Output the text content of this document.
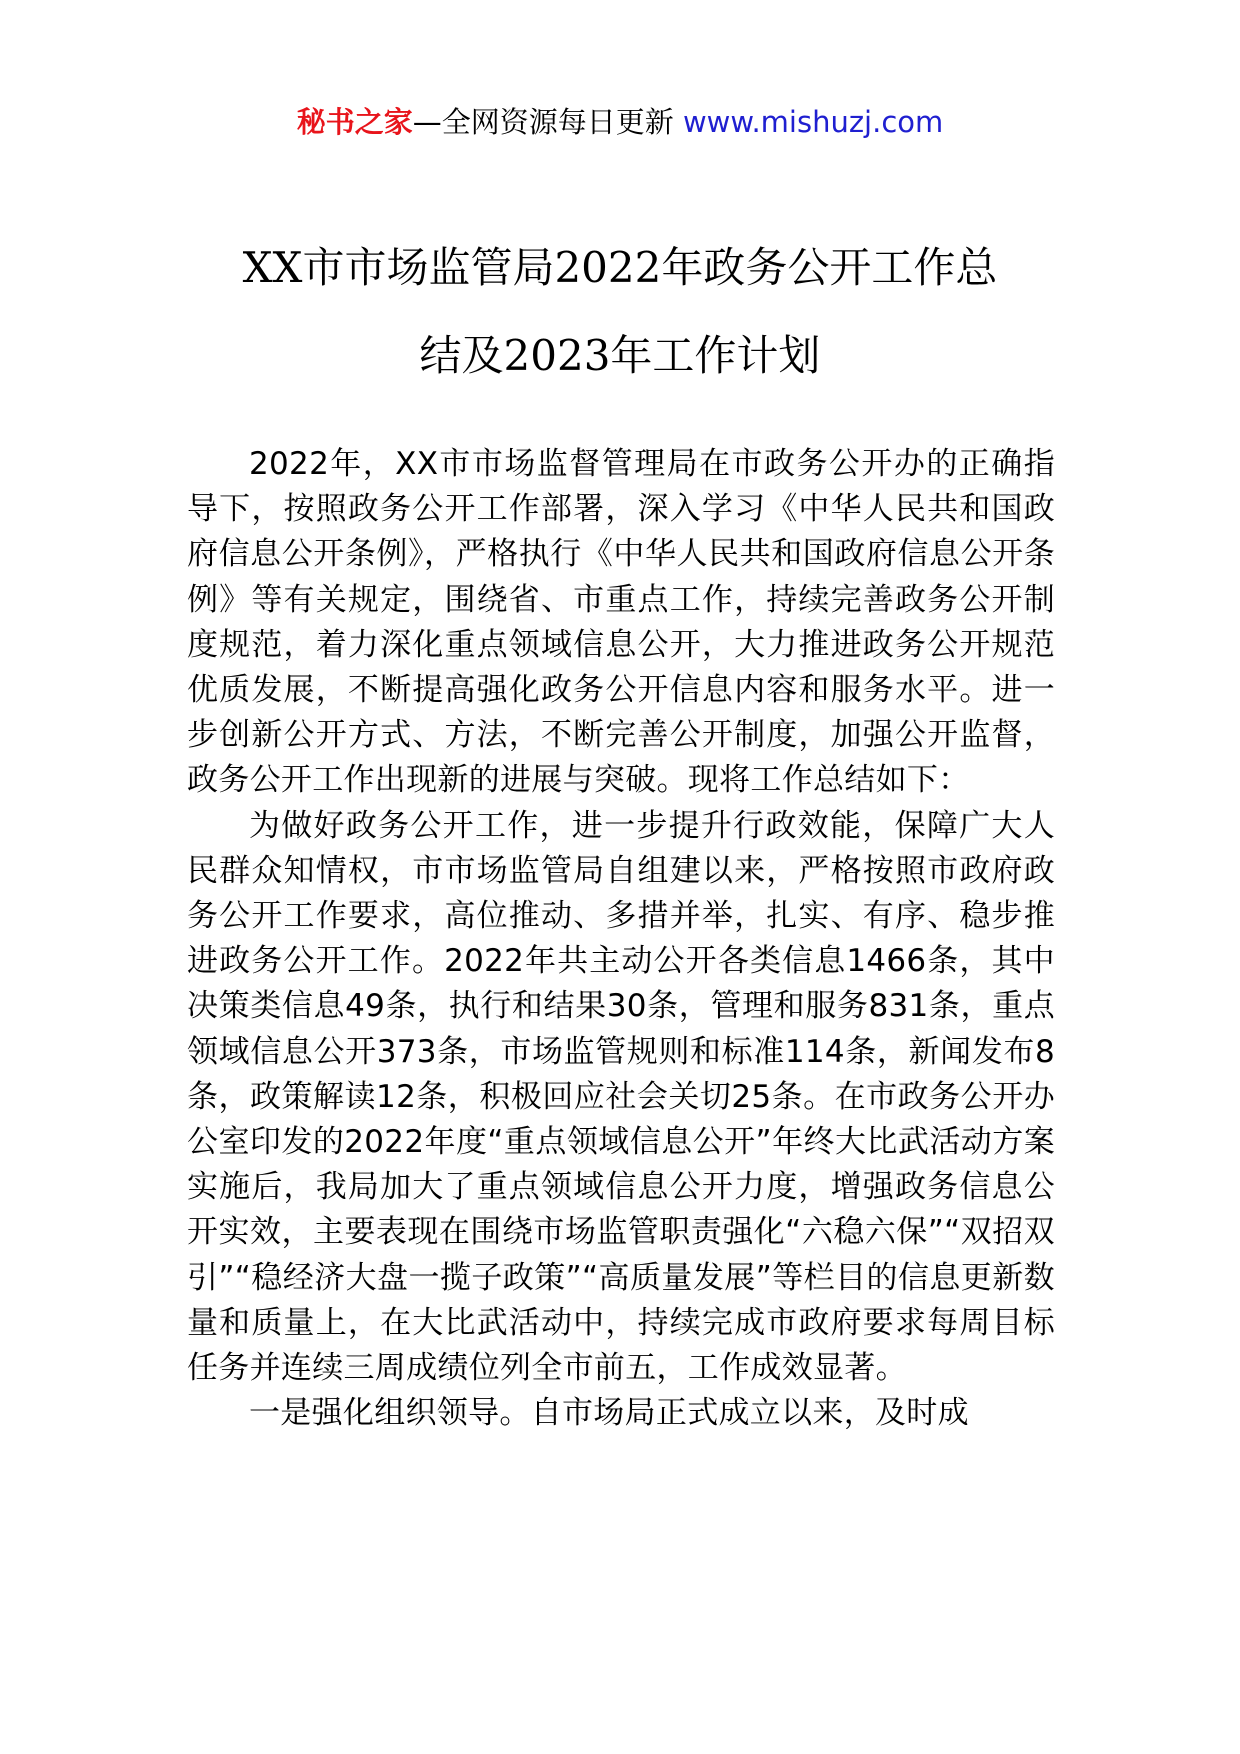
秘书之家—全网资源每日更新 www.mishuzj.com
XX市市场监管局2022年政务公开工作总
结及2023年工作计划

2022年，XX市市场监督管理局在市政务公开办的正确指导下，按照政务公开工作部署，深入学习《中华人民共和国政府信息公开条例》，严格执行《中华人民共和国政府信息公开条例》等有关规定，围绕省、市重点工作，持续完善政务公开制度规范，着力深化重点领域信息公开，大力推进政务公开规范优质发展，不断提高强化政务公开信息内容和服务水平。进一步创新公开方式、方法，不断完善公开制度，加强公开监督，政务公开工作出现新的进展与突破。现将工作总结如下：

为做好政务公开工作，进一步提升行政效能，保障广大人民群众知情权，市市场监管局自组建以来，严格按照市政府政务公开工作要求，高位推动、多措并举，扎实、有序、稳步推进政务公开工作。2022年共主动公开各类信息1466条，其中决策类信息49条，执行和结果30条，管理和服务831条，重点领域信息公开373条，市场监管规则和标准114条，新闻发布8条，政策解读12条，积极回应社会关切25条。在市政务公开办公室印发的2022年度“重点领域信息公开”年终大比武活动方案实施后，我局加大了重点领域信息公开力度，增强政务信息公开实效，主要表现在围绕市场监管职责强化“六稳六保”“双招双引”“稳经济大盘一揽子政策”“高质量发展”等栏目的信息更新数量和质量上，在大比武活动中，持续完成市政府要求每周目标任务并连续三周成绩位列全市前五，工作成效显著。

一是强化组织领导。自市场局正式成立以来，及时成
